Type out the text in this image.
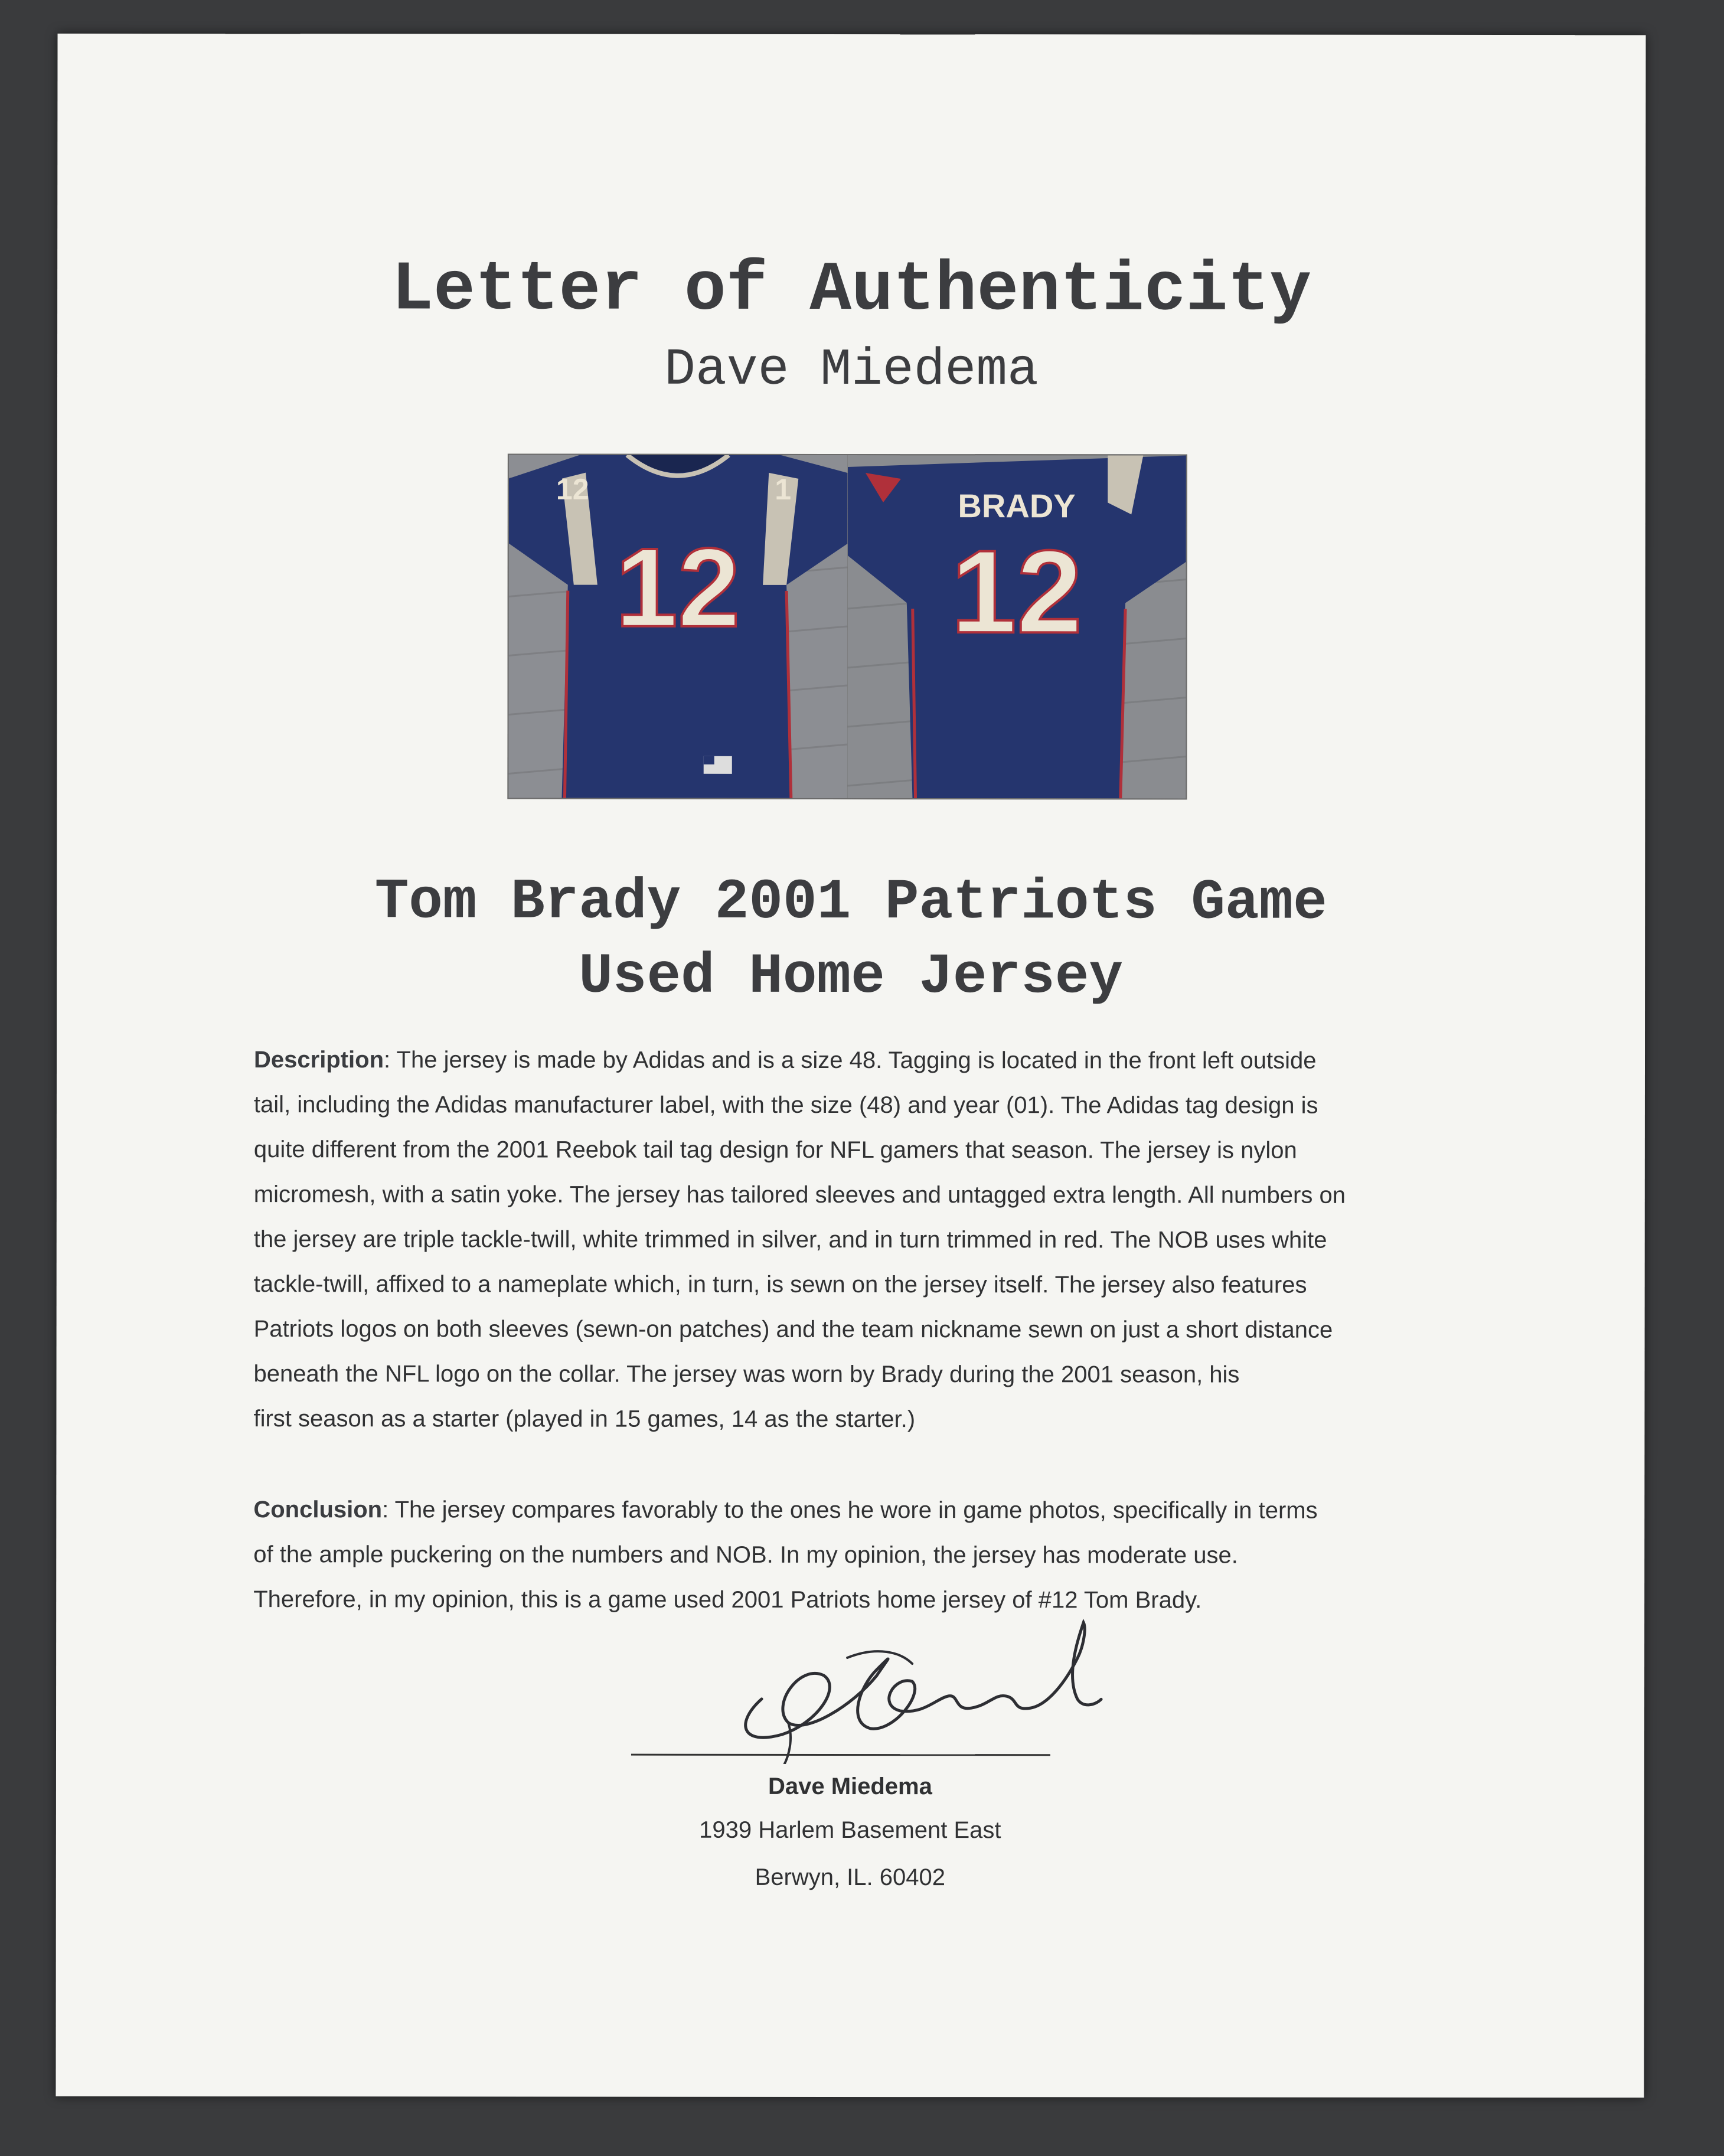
Letter of Authenticity
Dave Miedema
12
12	1	BRADY
12
Tom Brady 2001 Patriots Game
Used Home Jersey
Description: The jersey is made by Adidas and is a size 48. Tagging is located in the front left outside
tail, including the Adidas manufacturer label, with the size (48) and year (01). The Adidas tag design is
quite different from the 2001 Reebok tail tag design for NFL gamers that season. The jersey is nylon
micromesh, with a satin yoke. The jersey has tailored sleeves and untagged extra length. All numbers on
the jersey are triple tackle-twill, white trimmed in silver, and in turn trimmed in red. The NOB uses white
tackle-twill, affixed to a nameplate which, in turn, is sewn on the jersey itself. The jersey also features
Patriots logos on both sleeves (sewn-on patches) and the team nickname sewn on just a short distance
beneath the NFL logo on the collar. The jersey was worn by Brady during the 2001 season, his
first season as a starter (played in 15 games, 14 as the starter.)
Conclusion: The jersey compares favorably to the ones he wore in game photos, specifically in terms
of the ample puckering on the numbers and NOB. In my opinion, the jersey has moderate use.
Therefore, in my opinion, this is a game used 2001 Patriots home jersey of #12 Tom Brady.
Dave Miedema
1939 Harlem Basement East
Berwyn, IL. 60402
